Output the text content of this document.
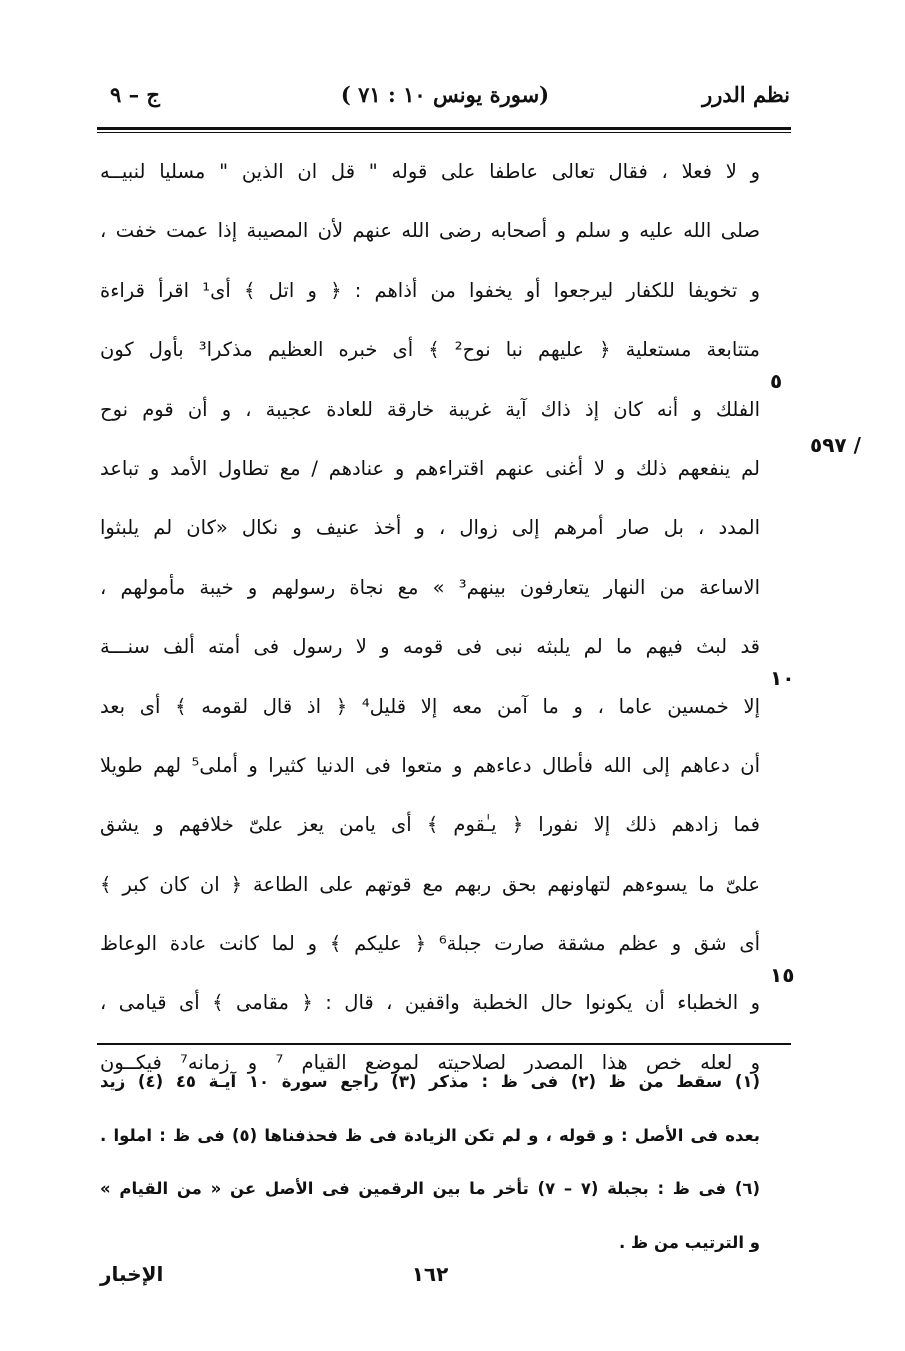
نظم الدرر
(سورة يونس ١٠ : ٧١ )
ج – ٩
/ ٥٩٧
٥
١٠
١٥
و لا فعلا ، فقال تعالى عاطفا على قوله " قل ان الذين " مسليا لنبيــه
صلى الله عليه و سلم و أصحابه رضى الله عنهم لأن المصيبة إذا عمت خفت ،
و تخويفا للكفار ليرجعوا أو يخفوا من أذاهم : ﴿ و اتل ﴾ أى¹ اقرأ قراءة
متتابعة مستعلية ﴿ عليهم نبا نوح² ﴾ أى خبره العظيم مذكرا³ بأول كون
الفلك و أنه كان إذ ذاك آية غريبة خارقة للعادة عجيبة ، و أن قوم نوح
لم ينفعهم ذلك و لا أغنى عنهم اقتراءهم و عنادهم / مع تطاول الأمد و تباعد
المدد ، بل صار أمرهم إلى زوال ، و أخذ عنيف و نكال «كان لم يلبثوا
الاساعة من النهار يتعارفون بينهم³ » مع نجاة رسولهم و خيبة مأمولهم ،
قد لبث فيهم ما لم يلبثه نبى فى قومه و لا رسول فى أمته ألف سنـــة
إلا خمسين عاما ، و ما آمن معه إلا قليل⁴ ﴿ اذ قال لقومه ﴾ أى بعد
أن دعاهم إلى الله فأطال دعاءهم و متعوا فى الدنيا كثيرا و أملى⁵ لهم طويلا
فما زادهم ذلك إلا نفورا ﴿ يـٰقوم ﴾ أى يامن يعز علىّ خلافهم و يشق
علىّ ما يسوءهم لتهاونهم بحق ربهم مع قوتهم على الطاعة ﴿ ان كان كبر ﴾
أى شق و عظم مشقة صارت جبلة⁶ ﴿ عليكم ﴾ و لما كانت عادة الوعاظ
و الخطباء أن يكونوا حال الخطبة واقفين ، قال : ﴿ مقامى ﴾ أى قيامى ،
و لعله خص هذا المصدر لصلاحيته لموضع القيام ⁷ و زمانه⁷ فيكــون
(١) سقط من ظ (٢) فى ظ : مذكر (٣) راجع سورة ١٠ آيـة ٤٥ (٤) زيد
بعده فى الأصل : و قوله ، و لم تكن الزيادة فى ظ فحذفناها (٥) فى ظ : املوا .
(٦) فى ظ : بجبلة (٧ – ٧) تأخر ما بين الرقمين فى الأصل عن « من القيام »
و الترتيب من ظ .
١٦٢
الإخبار
